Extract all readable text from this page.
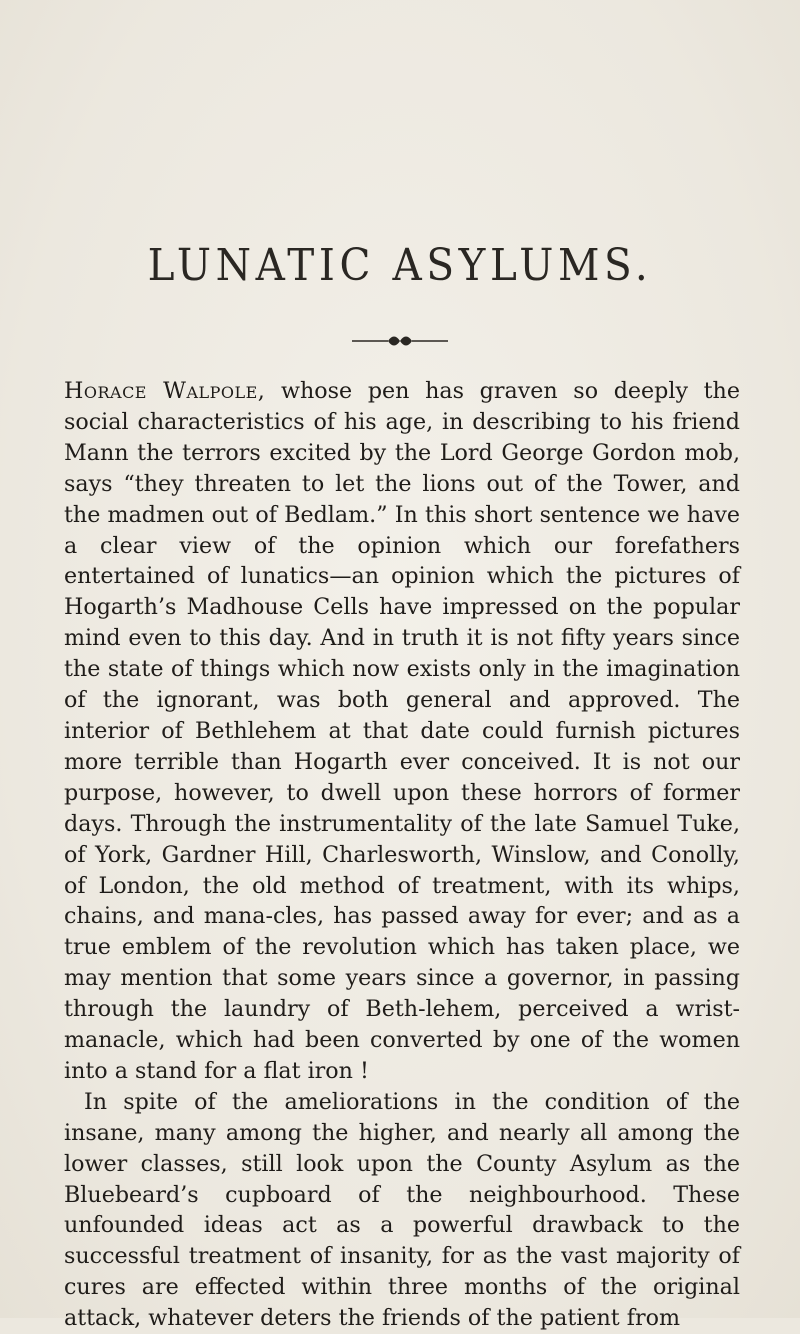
LUNATIC ASYLUMS.

Horace Walpole, whose pen has graven so deeply the social characteristics of his age, in describing to his friend Mann the terrors excited by the Lord George Gordon mob, says “they threaten to let the lions out of the Tower, and the madmen out of Bedlam.” In this short sentence we have a clear view of the opinion which our forefathers entertained of lunatics—an opinion which the pictures of Hogarth’s Madhouse Cells have impressed on the popular mind even to this day. And in truth it is not fifty years since the state of things which now exists only in the imagination of the ignorant, was both general and approved. The interior of Bethlehem at that date could furnish pictures more terrible than Hogarth ever conceived. It is not our purpose, however, to dwell upon these horrors of former days. Through the instrumentality of the late Samuel Tuke, of York, Gardner Hill, Charlesworth, Winslow, and Conolly, of London, the old method of treatment, with its whips, chains, and mana-cles, has passed away for ever; and as a true emblem of the revolution which has taken place, we may mention that some years since a governor, in passing through the laundry of Beth-lehem, perceived a wrist-manacle, which had been converted by one of the women into a stand for a flat iron !

In spite of the ameliorations in the condition of the insane, many among the higher, and nearly all among the lower classes, still look upon the County Asylum as the Bluebeard’s cupboard of the neighbourhood. These unfounded ideas act as a powerful drawback to the successful treatment of insanity, for as the vast majority of cures are effected within three months of the original attack, whatever deters the friends of the patient from
